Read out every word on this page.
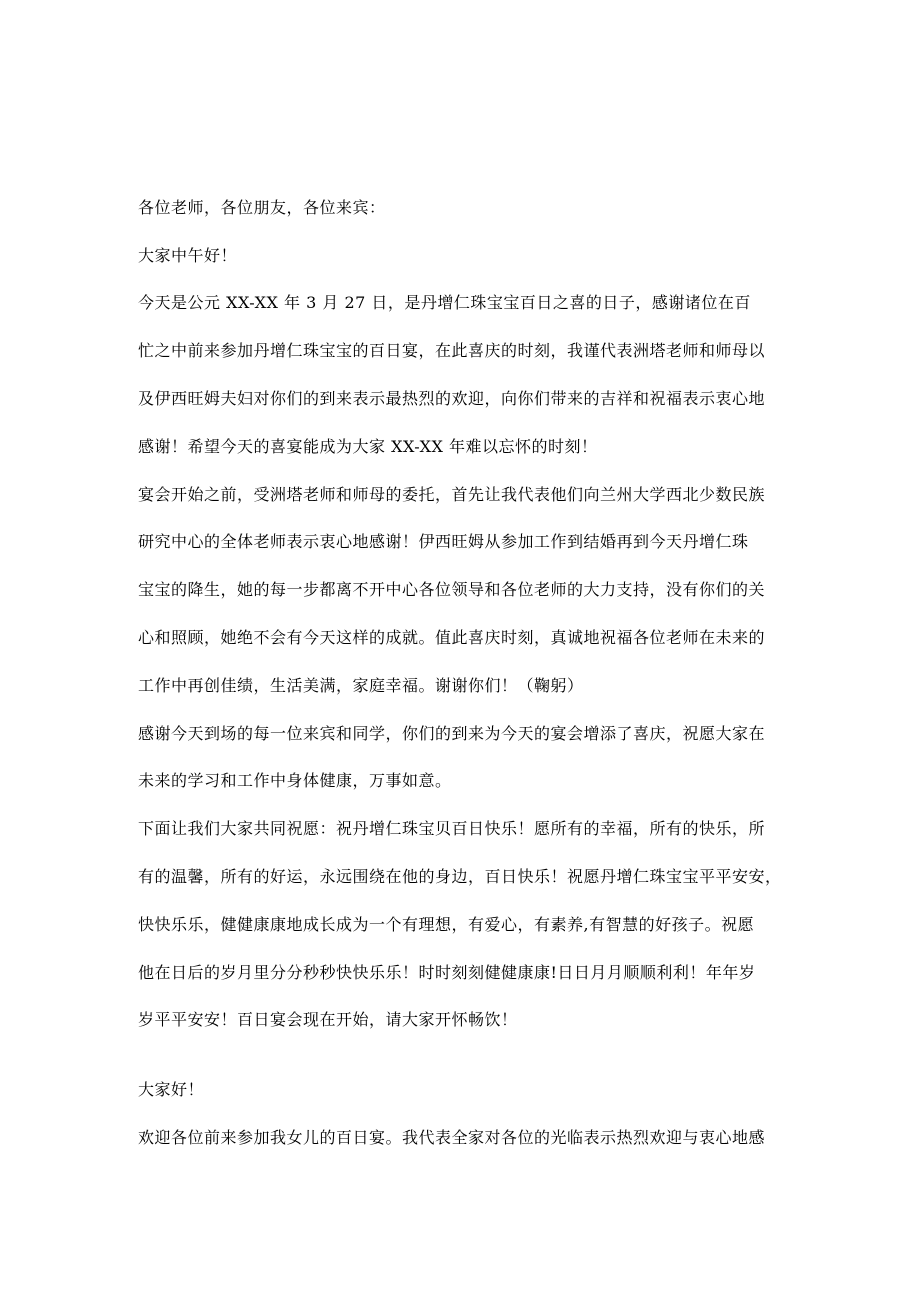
各位老师，各位朋友，各位来宾：

大家中午好！

今天是公元 XX-XX 年 3 月 27 日，是丹增仁珠宝宝百日之喜的日子，感谢诸位在百

忙之中前来参加丹增仁珠宝宝的百日宴，在此喜庆的时刻，我谨代表洲塔老师和师母以

及伊西旺姆夫妇对你们的到来表示最热烈的欢迎，向你们带来的吉祥和祝福表示衷心地

感谢！希望今天的喜宴能成为大家 XX-XX 年难以忘怀的时刻！

宴会开始之前，受洲塔老师和师母的委托，首先让我代表他们向兰州大学西北少数民族

研究中心的全体老师表示衷心地感谢！伊西旺姆从参加工作到结婚再到今天丹增仁珠

宝宝的降生，她的每一步都离不开中心各位领导和各位老师的大力支持，没有你们的关

心和照顾，她绝不会有今天这样的成就。值此喜庆时刻，真诚地祝福各位老师在未来的

工作中再创佳绩，生活美满，家庭幸福。谢谢你们！（鞠躬）

感谢今天到场的每一位来宾和同学，你们的到来为今天的宴会增添了喜庆，祝愿大家在

未来的学习和工作中身体健康，万事如意。

下面让我们大家共同祝愿：祝丹增仁珠宝贝百日快乐！愿所有的幸福，所有的快乐，所

有的温馨，所有的好运，永远围绕在他的身边，百日快乐！祝愿丹增仁珠宝宝平平安安，

快快乐乐，健健康康地成长成为一个有理想，有爱心，有素养,有智慧的好孩子。祝愿

他在日后的岁月里分分秒秒快快乐乐！时时刻刻健健康康!日日月月顺顺利利！年年岁

岁平平安安！百日宴会现在开始，请大家开怀畅饮！

大家好！

欢迎各位前来参加我女儿的百日宴。我代表全家对各位的光临表示热烈欢迎与衷心地感
